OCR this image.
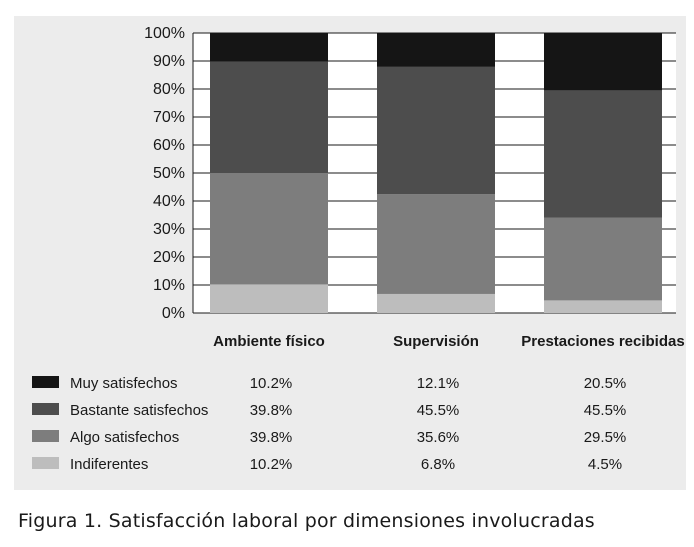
0%
10%
20%
30%
40%
50%
60%
70%
80%
90%
100%
Ambiente físico	Supervisión	Prestaciones recibidas
Muy satisfechos	10.2%	12.1%	20.5%
Bastante satisfechos	39.8%	45.5%	45.5%
Algo satisfechos	39.8%	35.6%	29.5%
Indiferentes	10.2%	6.8%	4.5%
Figura 1. Satisfacción laboral por dimensiones involucradas
